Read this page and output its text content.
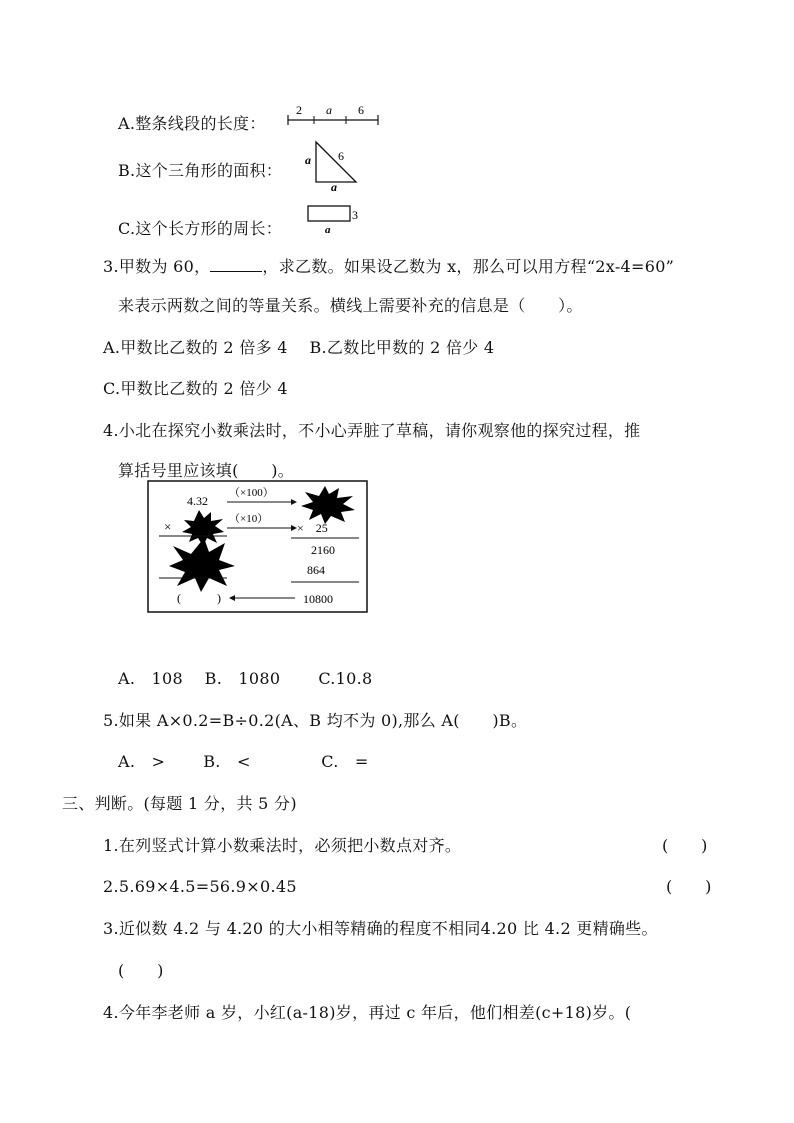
A.整条线段的长度：
2 a 6
B.这个三角形的面积：
a 6
a
C.这个长方形的周长：
3
a
3.甲数为 60，	，求乙数。如果设乙数为 x，那么可以用方程“2x-4=60”
来表示两数之间的等量关系。横线上需要补充的信息是（　　）。
A.甲数比乙数的 2 倍多 4　 B.乙数比甲数的 2 倍少 4
C.甲数比乙数的 2 倍少 4
4.小北在探究小数乘法时，不小心弄脏了草稿，请你观察他的探究过程，推
算括号里应该填(　　)。
4.32
×
(　　　)
（×100）
（×10）
×　25
2160
864
10800
A.　108　 B.　1080　　 C.10.8
5.如果 A×0.2=B÷0.2(A、B 均不为 0),那么 A(　　)B。
A.　>　　 B.　<　　　　 C.　=
三、判断。(每题 1 分，共 5 分)
1.在列竖式计算小数乘法时，必须把小数点对齐。	(　　)
2.5.69×4.5=56.9×0.45	(　　)
3.近似数 4.2 与 4.20 的大小相等精确的程度不相同4.20 比 4.2 更精确些。
(　　)
4.今年李老师 a 岁，小红(a-18)岁，再过 c 年后，他们相差(c+18)岁。(
